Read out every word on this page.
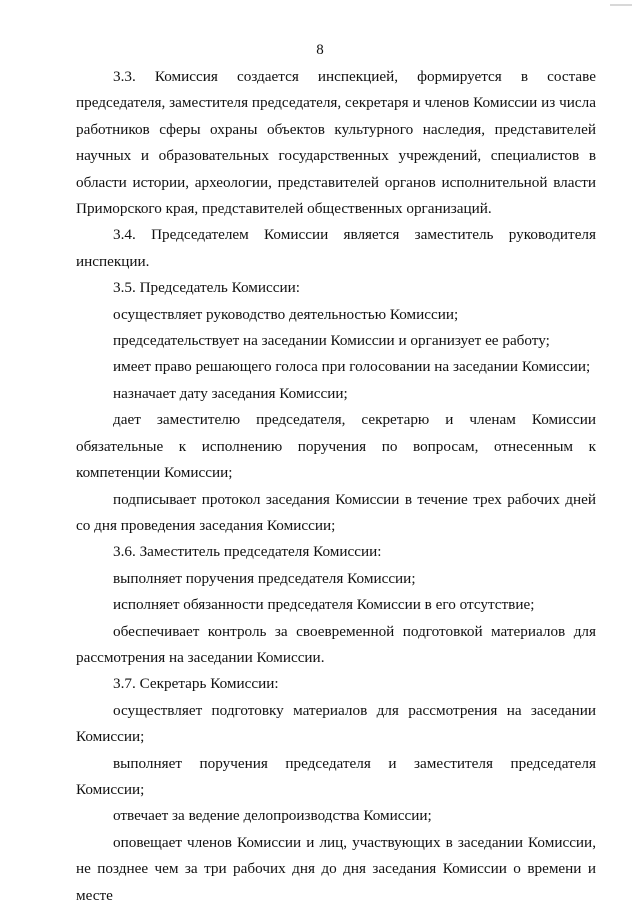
8

3.3. Комиссия создается инспекцией, формируется в составе председателя, заместителя председателя, секретаря и членов Комиссии из числа работников сферы охраны объектов культурного наследия, представителей научных и образовательных государственных учреждений, специалистов в области истории, археологии, представителей органов исполнительной власти Приморского края, представителей общественных организаций.

3.4. Председателем Комиссии является заместитель руководителя инспекции.

3.5. Председатель Комиссии:

осуществляет руководство деятельностью Комиссии;

председательствует на заседании Комиссии и организует ее работу;

имеет право решающего голоса при голосовании на заседании Комиссии;

назначает дату заседания Комиссии;

дает заместителю председателя, секретарю и членам Комиссии обязательные к исполнению поручения по вопросам, отнесенным к компетенции Комиссии;

подписывает протокол заседания Комиссии в течение трех рабочих дней со дня проведения заседания Комиссии;

3.6. Заместитель председателя Комиссии:

выполняет поручения председателя Комиссии;

исполняет обязанности председателя Комиссии в его отсутствие;

обеспечивает контроль за своевременной подготовкой материалов для рассмотрения на заседании Комиссии.

3.7. Секретарь Комиссии:

осуществляет подготовку материалов для рассмотрения на заседании Комиссии;

выполняет поручения председателя и заместителя председателя Комиссии;

отвечает за ведение делопроизводства Комиссии;

оповещает членов Комиссии и лиц, участвующих в заседании Комиссии, не позднее чем за три рабочих дня до дня заседания Комиссии о времени и месте
